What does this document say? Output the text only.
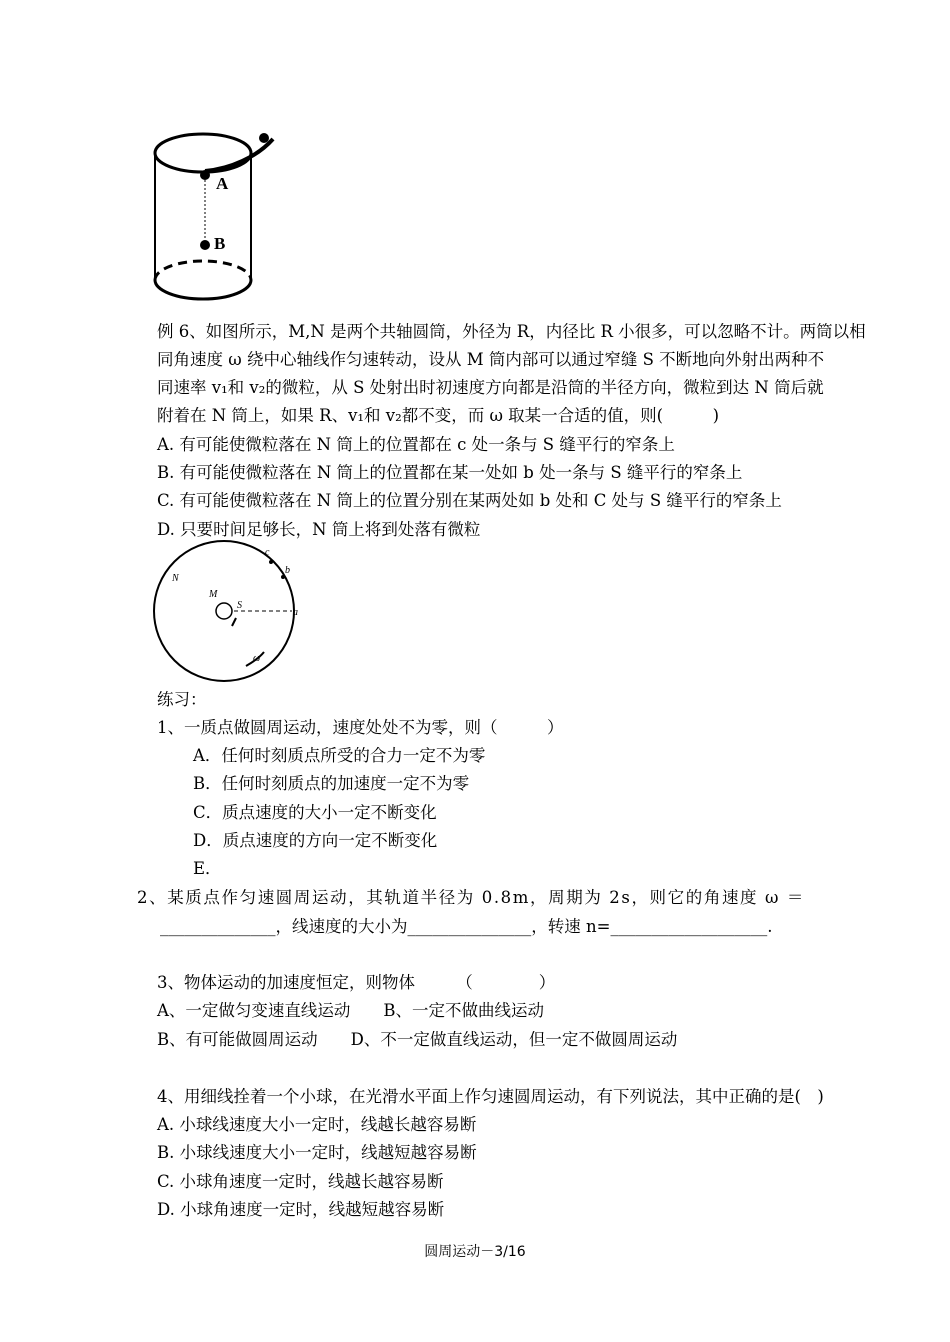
A
B
例 6、如图所示，M,N 是两个共轴圆筒，外径为 R，内径比 R 小很多，可以忽略不计。两筒以相
同角速度 ω 绕中心轴线作匀速转动，设从 M 筒内部可以通过窄缝 S 不断地向外射出两种不
同速率 v₁和 v₂的微粒，从 S 处射出时初速度方向都是沿筒的半径方向，微粒到达 N 筒后就
附着在 N 筒上，如果 R、v₁和 v₂都不变，而 ω 取某一合适的值，则(　　　)
A. 有可能使微粒落在 N 筒上的位置都在 c 处一条与 S 缝平行的窄条上
B. 有可能使微粒落在 N 筒上的位置都在某一处如 b 处一条与 S 缝平行的窄条上
C. 有可能使微粒落在 N 筒上的位置分别在某两处如 b 处和 C 处与 S 缝平行的窄条上
D. 只要时间足够长，N 筒上将到处落有微粒
N
M
S
a
b
c
ω
练习：
1、一质点做圆周运动，速度处处不为零，则（　　　）
A．任何时刻质点所受的合力一定不为零
B．任何时刻质点的加速度一定不为零
C．质点速度的大小一定不断变化
D．质点速度的方向一定不断变化
E．
2、某质点作匀速圆周运动，其轨道半径为 0.8m，周期为 2s，则它的角速度 ω ＝
______________，线速度的大小为_______________，转速 n=___________________.
3、物体运动的加速度恒定，则物体　　　（　　　　）
A、一定做匀变速直线运动　　B、一定不做曲线运动
B、有可能做圆周运动　　D、不一定做直线运动，但一定不做圆周运动
4、用细线拴着一个小球，在光滑水平面上作匀速圆周运动，有下列说法，其中正确的是(　)
A. 小球线速度大小一定时，线越长越容易断
B. 小球线速度大小一定时，线越短越容易断
C. 小球角速度一定时，线越长越容易断
D. 小球角速度一定时，线越短越容易断
圆周运动－3/16
